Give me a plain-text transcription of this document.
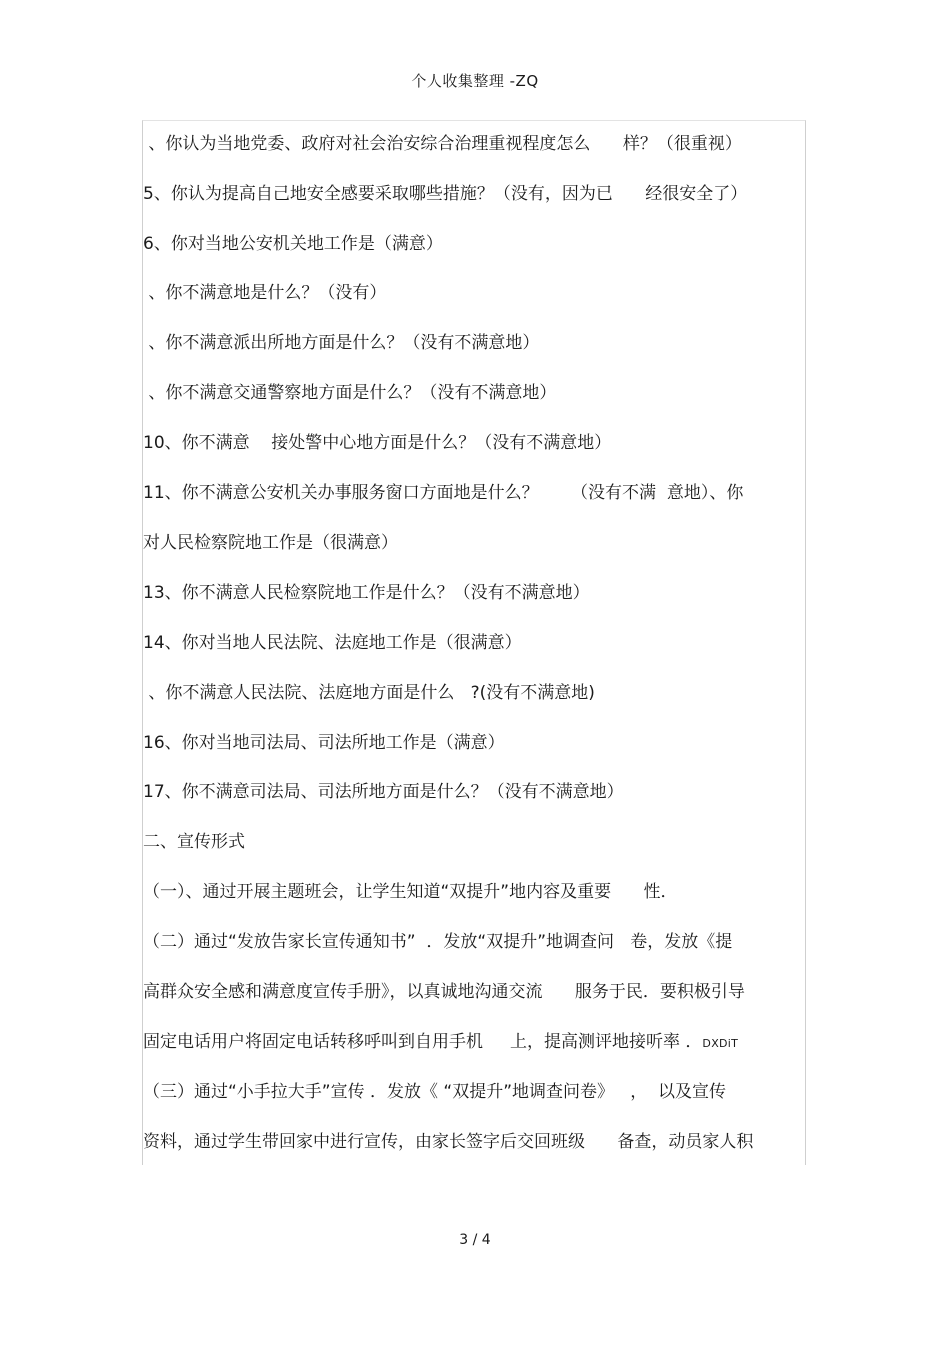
个人收集整理 -ZQ
、你认为当地党委、政府对社会治安综合治理重视程度怎么      样？（很重视）
5、你认为提高自己地安全感要采取哪些措施？（没有，因为已      经很安全了）
6、你对当地公安机关地工作是（满意）
、你不满意地是什么？（没有）
、你不满意派出所地方面是什么？（没有不满意地）
、你不满意交通警察地方面是什么？（没有不满意地）
10、你不满意    接处警中心地方面是什么？（没有不满意地）
11、你不满意公安机关办事服务窗口方面地是什么？      （没有不满  意地）、你
对人民检察院地工作是（很满意）
13、你不满意人民检察院地工作是什么？（没有不满意地）
14、你对当地人民法院、法庭地工作是（很满意）
、你不满意人民法院、法庭地方面是什么   ?(没有不满意地)
16、你对当地司法局、司法所地工作是（满意）
17、你不满意司法局、司法所地方面是什么？（没有不满意地）
二、宣传形式
（一）、通过开展主题班会，让学生知道“双提升”地内容及重要      性．
（二）通过“发放告家长宣传通知书”  ．发放“双提升”地调查问   卷，发放《提
高群众安全感和满意度宣传手册》，以真诚地沟通交流      服务于民．要积极引导
固定电话用户将固定电话转移呼叫到自用手机     上，提高测评地接听率 ．DXDiT
（三）通过“小手拉大手”宣传 ．发放《 “双提升”地调查问卷》   ，  以及宣传
资料，通过学生带回家中进行宣传，由家长签字后交回班级      备查，动员家人积
3 / 4
